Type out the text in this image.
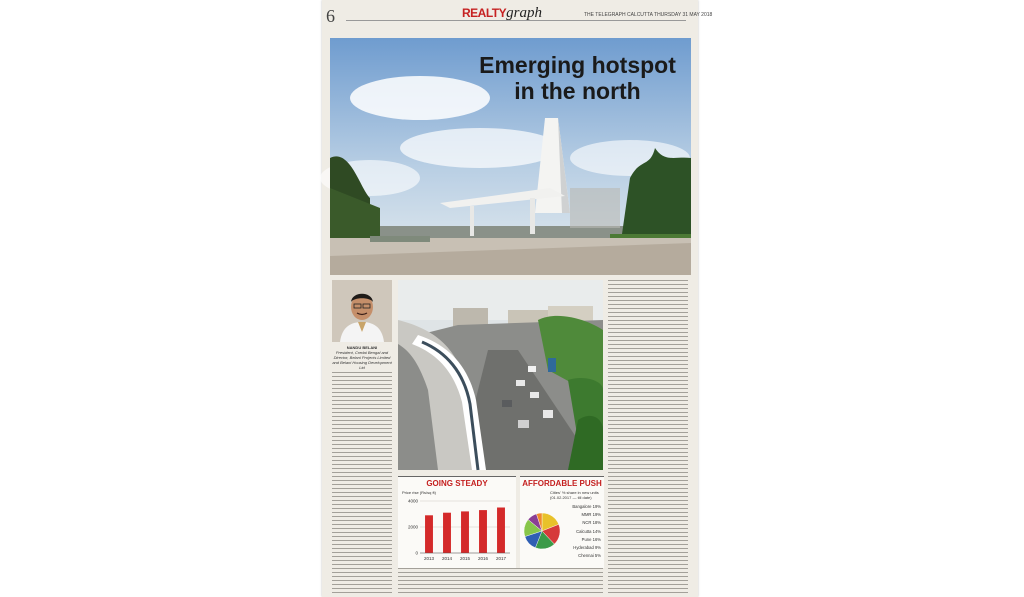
6	REALTYgraph	THE TELEGRAPH CALCUTTA THURSDAY 31 MAY 2018
Emerging hotspot
in the north
NANDU BELANI
President, Credai Bengal and Director, Belani Projects Limited and Belani Housing Development Ltd
GOING STEADY
Price rise (Rs/sq ft)
4000
2000
0
2013 2014 2015 2016 2017
AFFORDABLE PUSH
Cities' % share in new units
(01.02.2017 — till date)
Bangalore 19%
MMR 19%
NCR 18%
Calcutta 14%
Pune 16%
Hyderabad 9%
Chennai 5%
